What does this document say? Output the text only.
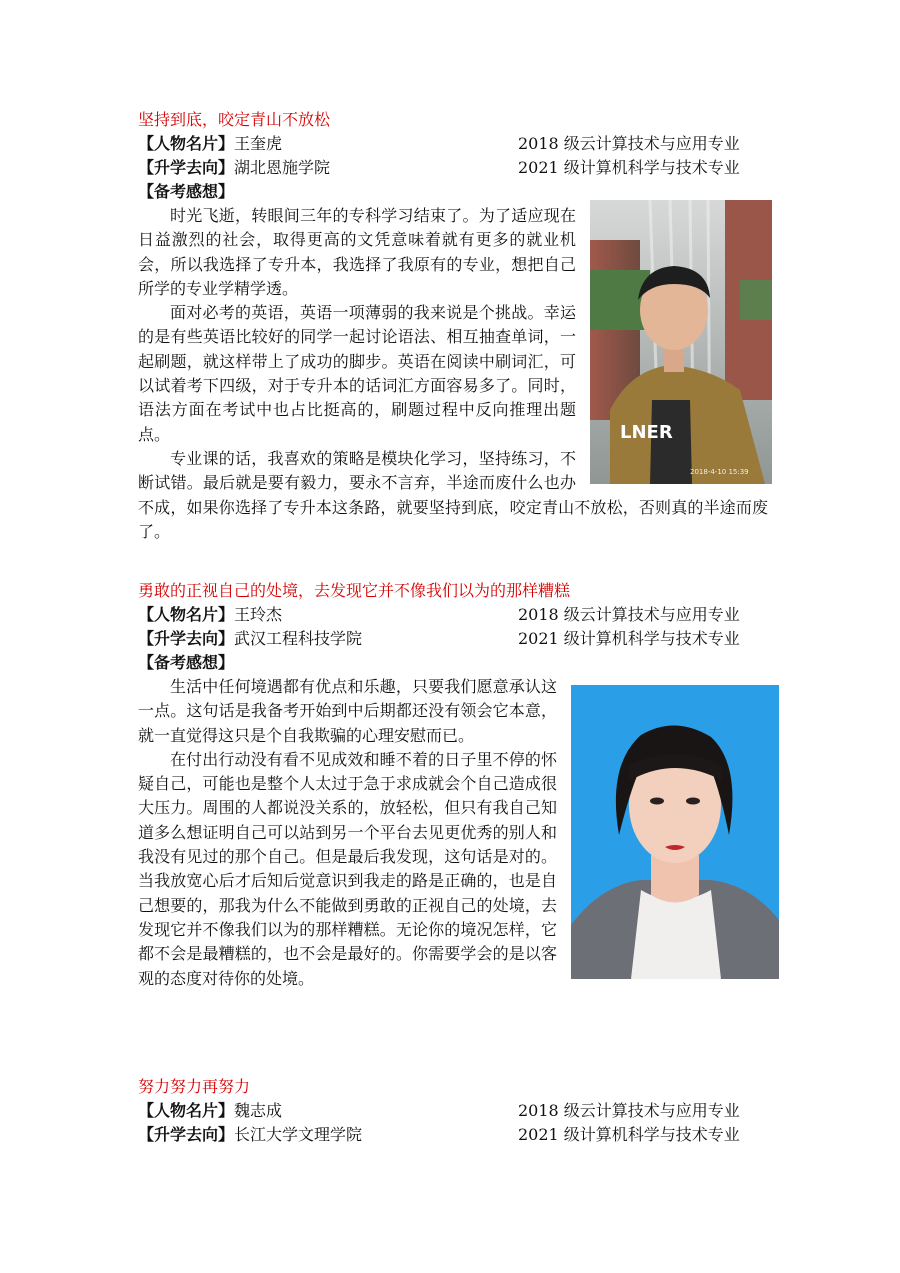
坚持到底，咬定青山不放松
【人物名片】王奎虎	2018 级云计算技术与应用专业
【升学去向】湖北恩施学院	2021 级计算机科学与技术专业
【备考感想】
LNER
2018-4-10 15:39

时光飞逝，转眼间三年的专科学习结束了。为了适应现在日益激烈的社会，取得更高的文凭意味着就有更多的就业机会，所以我选择了专升本，我选择了我原有的专业，想把自己所学的专业学精学透。

面对必考的英语，英语一项薄弱的我来说是个挑战。幸运的是有些英语比较好的同学一起讨论语法、相互抽查单词，一起刷题，就这样带上了成功的脚步。英语在阅读中刷词汇，可以试着考下四级，对于专升本的话词汇方面容易多了。同时，语法方面在考试中也占比挺高的，刷题过程中反向推理出题点。

专业课的话，我喜欢的策略是模块化学习，坚持练习，不断试错。最后就是要有毅力，要永不言弃，半途而废什么也办不成，如果你选择了专升本这条路，就要坚持到底，咬定青山不放松，否则真的半途而废了。

勇敢的正视自己的处境，去发现它并不像我们以为的那样糟糕
【人物名片】王玲杰	2018 级云计算技术与应用专业
【升学去向】武汉工程科技学院	2021 级计算机科学与技术专业
【备考感想】

生活中任何境遇都有优点和乐趣，只要我们愿意承认这一点。这句话是我备考开始到中后期都还没有领会它本意，就一直觉得这只是个自我欺骗的心理安慰而已。

在付出行动没有看不见成效和睡不着的日子里不停的怀疑自己，可能也是整个人太过于急于求成就会个自己造成很大压力。周围的人都说没关系的，放轻松，但只有我自己知道多么想证明自己可以站到另一个平台去见更优秀的别人和我没有见过的那个自己。但是最后我发现，这句话是对的。当我放宽心后才后知后觉意识到我走的路是正确的，也是自己想要的，那我为什么不能做到勇敢的正视自己的处境，去发现它并不像我们以为的那样糟糕。无论你的境况怎样，它都不会是最糟糕的，也不会是最好的。你需要学会的是以客观的态度对待你的处境。

努力努力再努力
【人物名片】魏志成	2018 级云计算技术与应用专业
【升学去向】长江大学文理学院	2021 级计算机科学与技术专业
